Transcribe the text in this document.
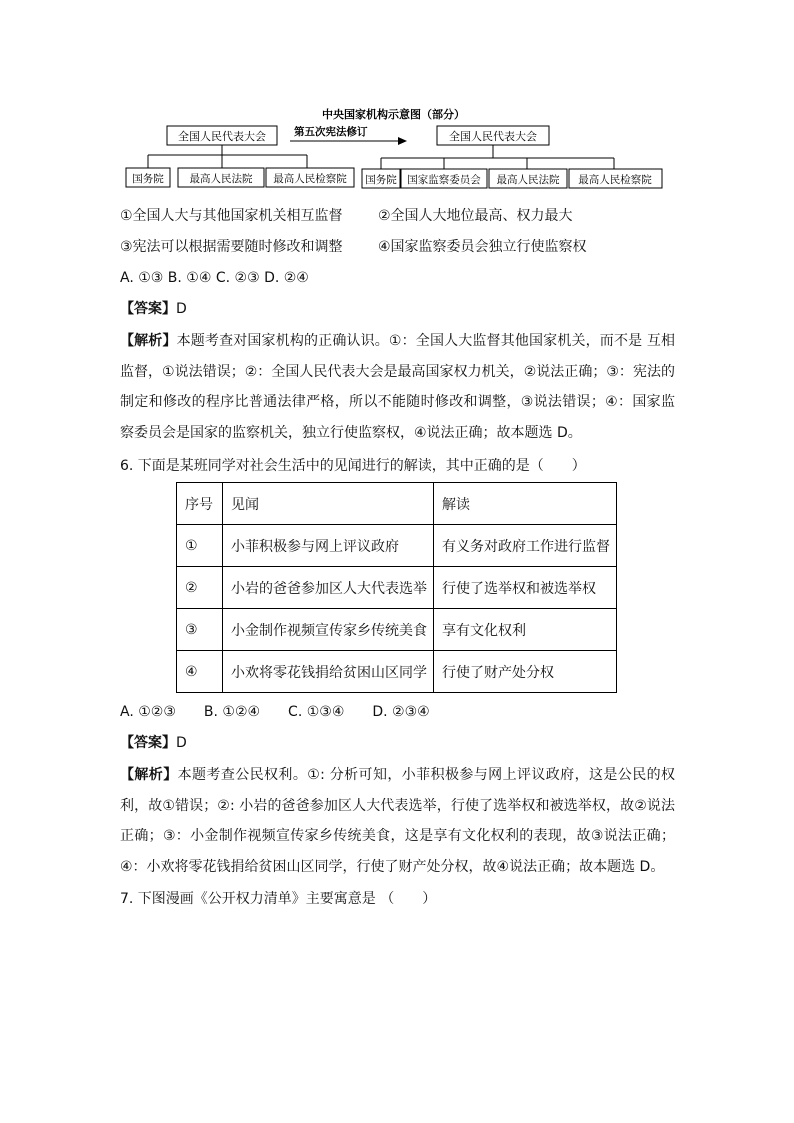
中央国家机构示意图（部分）
全国人民代表大会
国务院 最高人民法院 最高人民检察院
第五次宪法修订	全国人民代表大会
国务院 国家监察委员会 最高人民法院 最高人民检察院
①全国人大与其他国家机关相互监督	②全国人大地位最高、权力最大
③宪法可以根据需要随时修改和调整	④国家监察委员会独立行使监察权
A. ①③ B. ①④ C. ②③ D. ②④
【答案】D
【解析】本题考查对国家机构的正确认识。①：全国人大监督其他国家机关，而不是 互相监督，①说法错误；②：全国人民代表大会是最高国家权力机关，②说法正确；③：宪法的制定和修改的程序比普通法律严格，所以不能随时修改和调整，③说法错误；④：国家监察委员会是国家的监察机关，独立行使监察权，④说法正确；故本题选 D。
6. 下面是某班同学对社会生活中的见闻进行的解读，其中正确的是（　　）
序号	见闻	解读
①	小菲积极参与网上评议政府	有义务对政府工作进行监督
②	小岩的爸爸参加区人大代表选举	行使了选举权和被选举权
③	小金制作视频宣传家乡传统美食	享有文化权利
④	小欢将零花钱捐给贫困山区同学	行使了财产处分权
A. ①②③　　B. ①②④　　C. ①③④　　D. ②③④
【答案】D
【解析】本题考查公民权利。①: 分析可知，小菲积极参与网上评议政府，这是公民的权利，故①错误；②: 小岩的爸爸参加区人大代表选举，行使了选举权和被选举权，故②说法正确；③：小金制作视频宣传家乡传统美食，这是享有文化权利的表现，故③说法正确；④：小欢将零花钱捐给贫困山区同学，行使了财产处分权，故④说法正确；故本题选 D。
7. 下图漫画《公开权力清单》主要寓意是 （　　）
